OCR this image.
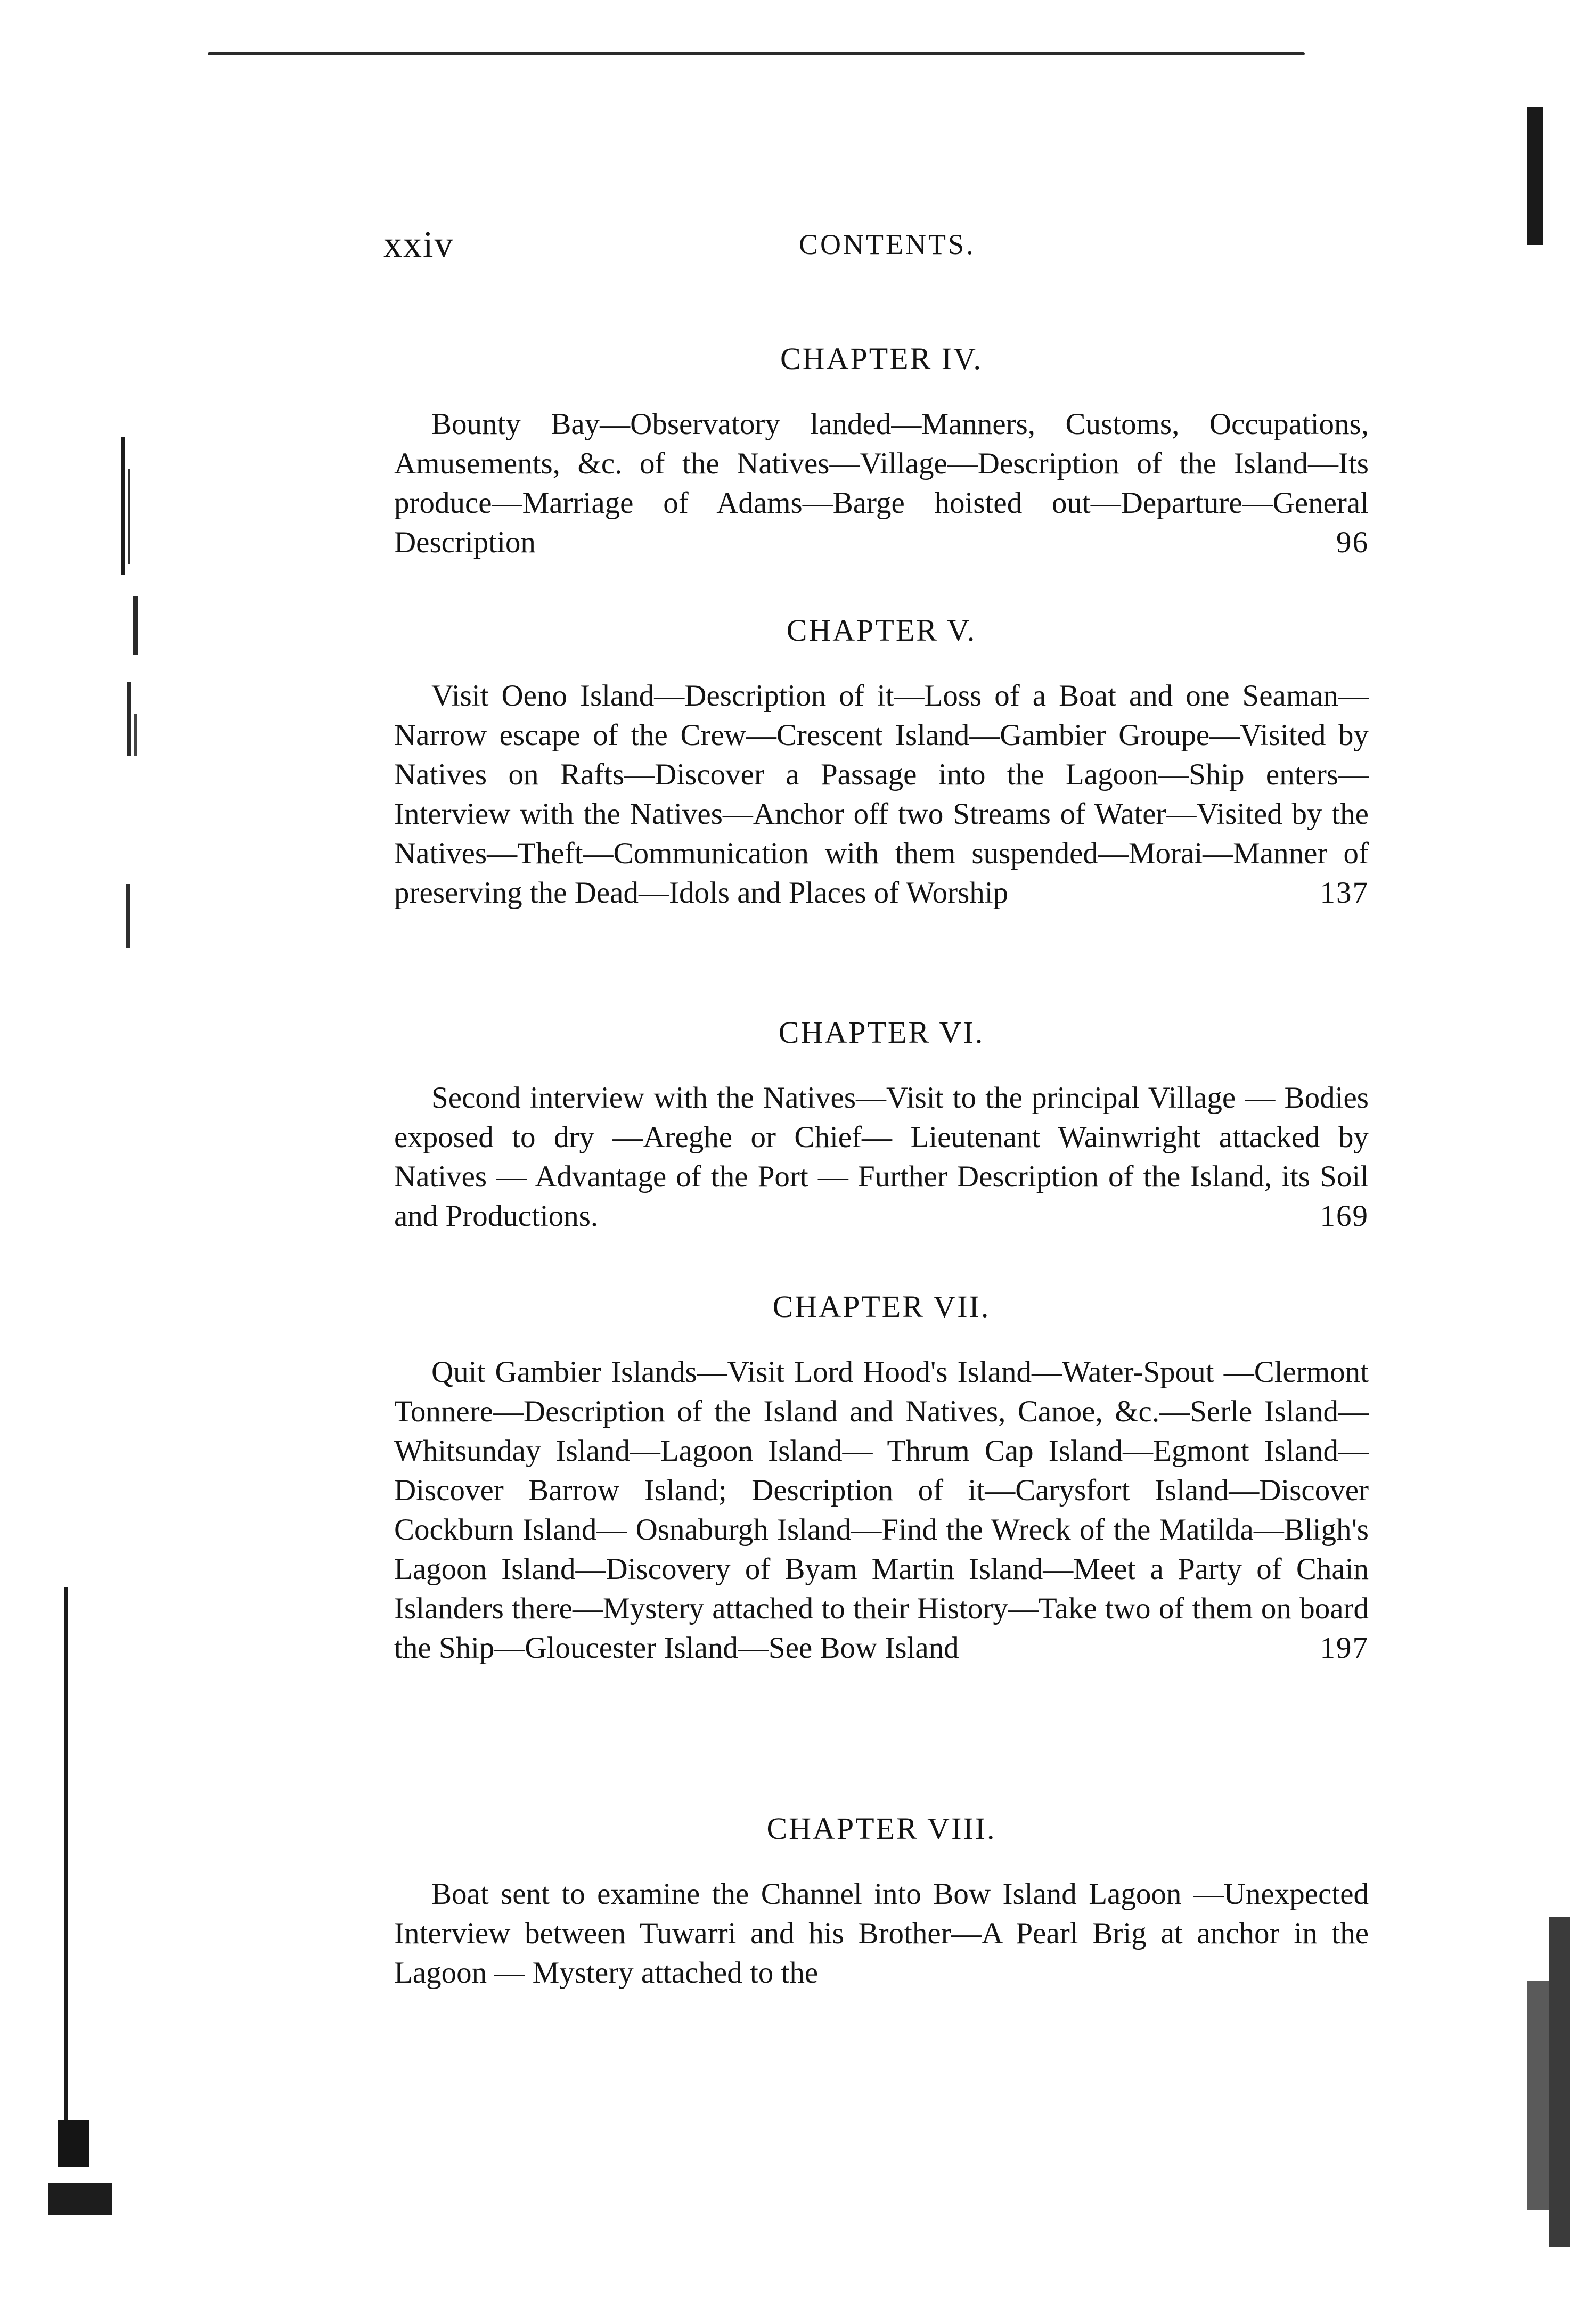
xxiv	CONTENTS.
CHAPTER IV.
Bounty Bay—Observatory landed—Manners, Customs, Occupations, Amusements, &c. of the Natives—Village—Description of the Island—Its produce—Marriage of Adams—Barge hoisted out—Departure—General Description	96
CHAPTER V.
Visit Oeno Island—Description of it—Loss of a Boat and one Seaman—Narrow escape of the Crew—Crescent Island—Gambier Groupe—Visited by Natives on Rafts—Discover a Passage into the Lagoon—Ship enters—Interview with the Natives—Anchor off two Streams of Water—Visited by the Natives—Theft—Communication with them suspended—Morai—Manner of preserving the Dead—Idols and Places of Worship	137
CHAPTER VI.
Second interview with the Natives—Visit to the principal Village — Bodies exposed to dry —Areghe or Chief— Lieutenant Wainwright attacked by Natives — Advantage of the Port — Further Description of the Island, its Soil and Productions.	169
CHAPTER VII.
Quit Gambier Islands—Visit Lord Hood's Island—Water-Spout —Clermont Tonnere—Description of the Island and Natives, Canoe, &c.—Serle Island—Whitsunday Island—Lagoon Island— Thrum Cap Island—Egmont Island—Discover Barrow Island; Description of it—Carysfort Island—Discover Cockburn Island— Osnaburgh Island—Find the Wreck of the Matilda—Bligh's Lagoon Island—Discovery of Byam Martin Island—Meet a Party of Chain Islanders there—Mystery attached to their History—Take two of them on board the Ship—Gloucester Island—See Bow Island	197
CHAPTER VIII.
Boat sent to examine the Channel into Bow Island Lagoon —Unexpected Interview between Tuwarri and his Brother—A Pearl Brig at anchor in the Lagoon — Mystery attached to the
